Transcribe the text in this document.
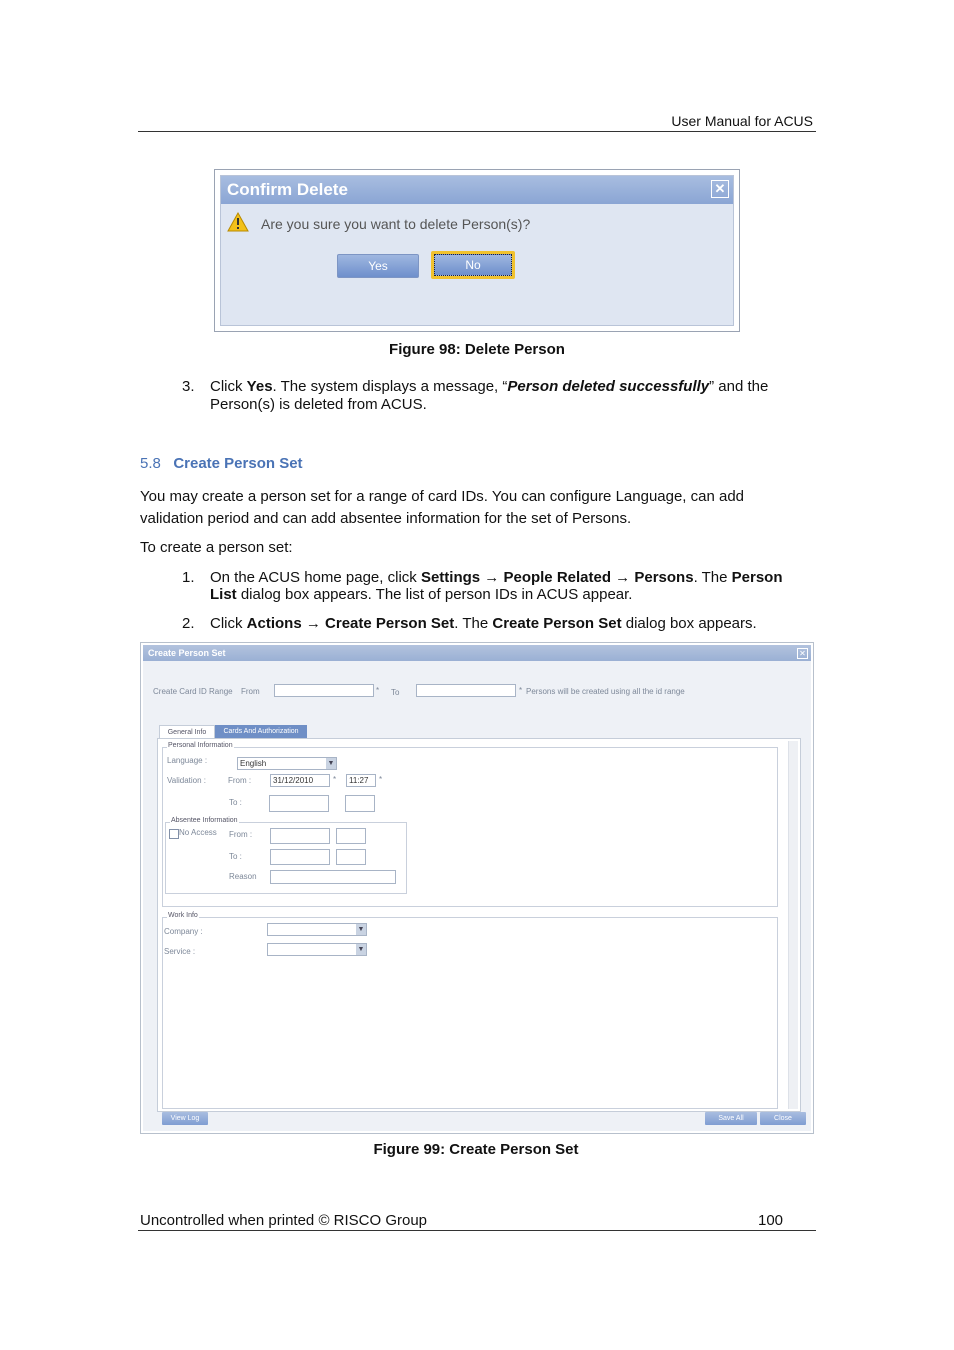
User Manual for ACUS
Confirm Delete	✕
Are you sure you want to delete Person(s)?
Yes	No
Figure 98: Delete Person
3. Click Yes. The system displays a message, “Person deleted successfully” and the
Person(s) is deleted from ACUS.
5.8 Create Person Set
You may create a person set for a range of card IDs. You can configure Language, can add
validation period and can add absentee information for the set of Persons.
To create a person set:
1. On the ACUS home page, click Settings → People Related → Persons. The Person
List dialog box appears. The list of person IDs in ACUS appear.
2. Click Actions → Create Person Set. The Create Person Set dialog box appears.
Create Person Set	✕
Create Card ID Range From	* To	* Persons will be created using all the id range
General Info	Cards And Authorization
Personal Information
Language :	English	▼
Validation :	From :	31/12/2010	* 11:27	*
To :
Absentee Information
No Access From :
To :
Reason
Work Info
Company :	▼
Service :	▼
View Log	Save All	Close
Figure 99: Create Person Set
Uncontrolled when printed © RISCO Group	100
